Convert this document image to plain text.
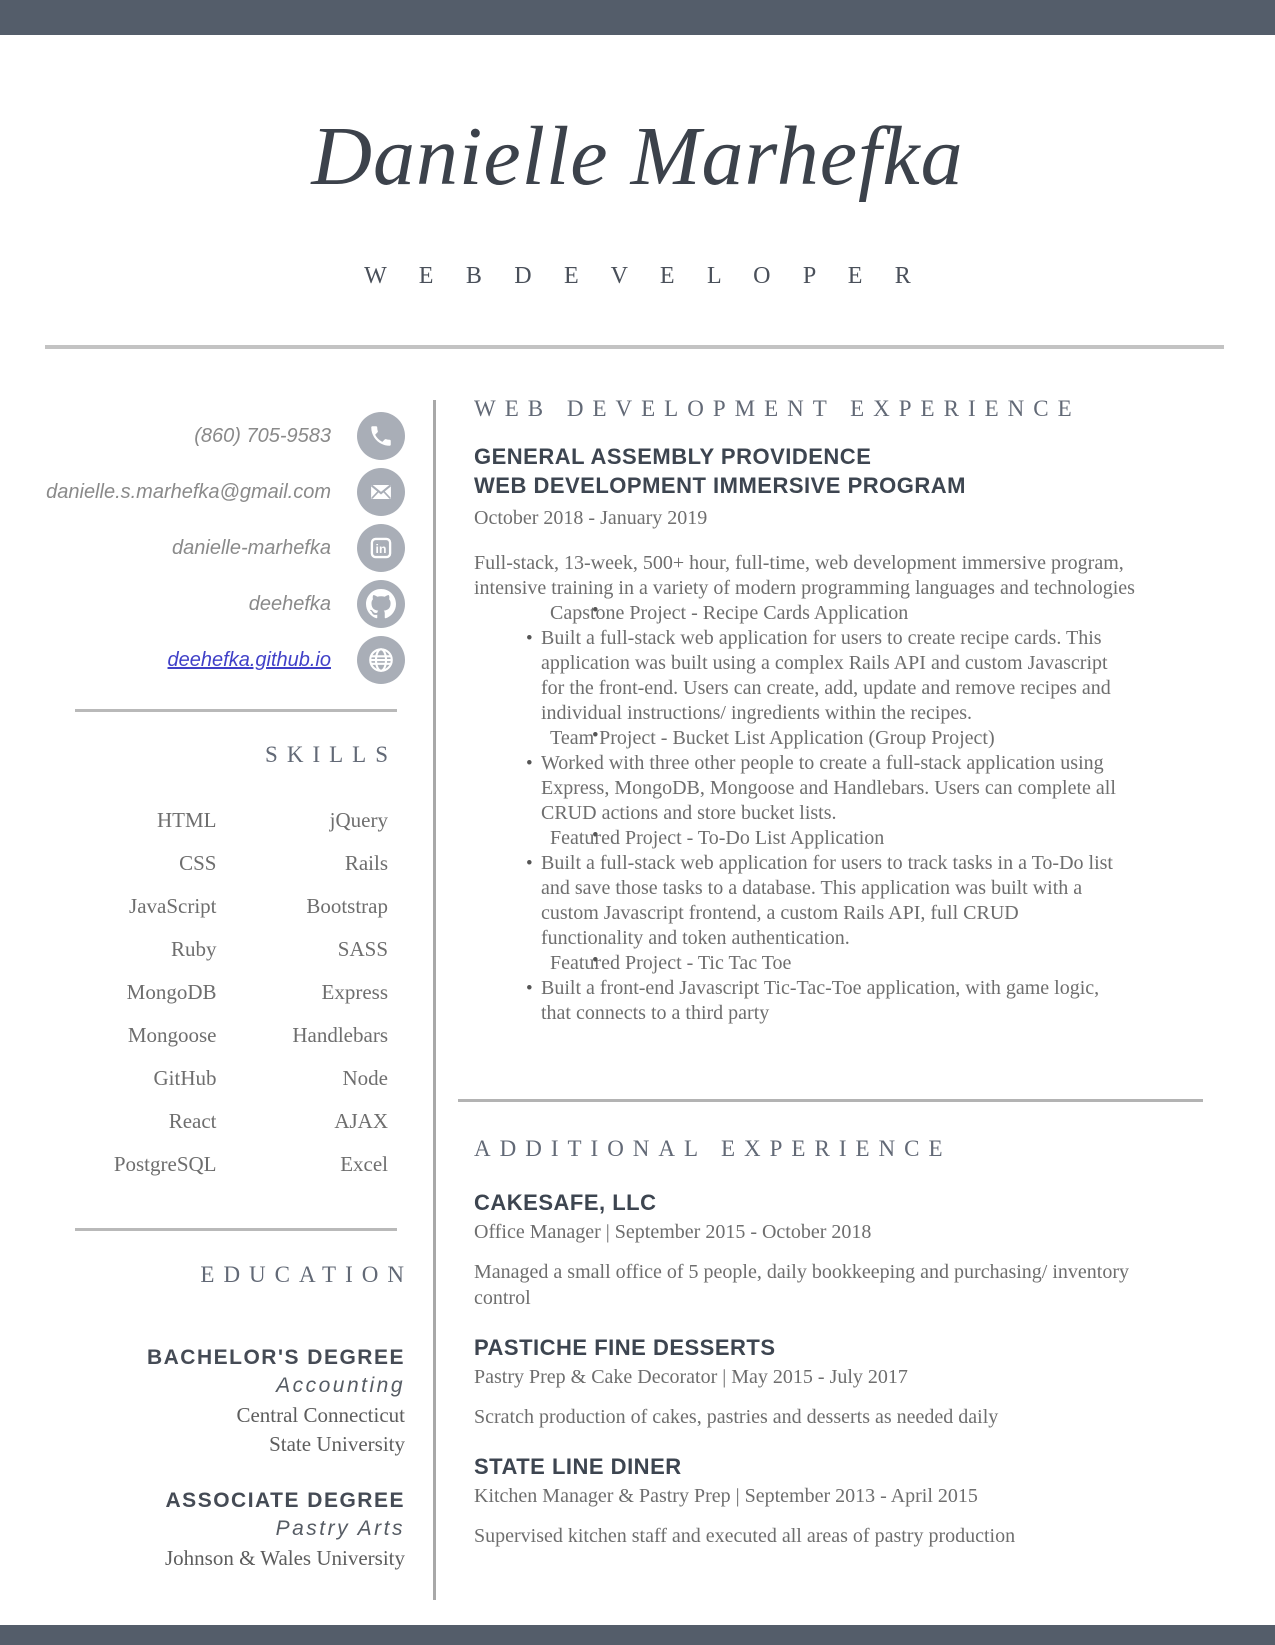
Danielle Marhefka
W E B D E V E L O P E R
(860) 705-9583
danielle.s.marhefka@gmail.com
danielle-marhefka	in
deehefka
deehefka.github.io
SKILLS
HTML	jQuery
CSS	Rails
JavaScript	Bootstrap
Ruby	SASS
MongoDB	Express
Mongoose	Handlebars
GitHub	Node
React	AJAX
PostgreSQL	Excel
EDUCATION
BACHELOR'S DEGREE
Accounting
Central Connecticut
State University
ASSOCIATE DEGREE
Pastry Arts
Johnson & Wales University
WEB DEVELOPMENT EXPERIENCE
GENERAL ASSEMBLY PROVIDENCE
WEB DEVELOPMENT IMMERSIVE PROGRAM
October 2018 - January 2019
Full-stack, 13-week, 500+ hour, full-time, web development immersive program, intensive training in a variety of modern programming languages and technologies
• Capstone Project - Recipe Cards Application
• Built a full-stack web application for users to create recipe cards. This application was built using a complex Rails API and custom Javascript for the front-end. Users can create, add, update and remove recipes and individual instructions/ ingredients within the recipes.
• Team Project - Bucket List Application (Group Project)
• Worked with three other people to create a full-stack application using Express, MongoDB, Mongoose and Handlebars. Users can complete all CRUD actions and store bucket lists.
• Featured Project - To-Do List Application
• Built a full-stack web application for users to track tasks in a To-Do list and save those tasks to a database. This application was built with a custom Javascript frontend, a custom Rails API, full CRUD functionality and token authentication.
• Featured Project - Tic Tac Toe
• Built a front-end Javascript Tic-Tac-Toe application, with game logic, that connects to a third party
ADDITIONAL EXPERIENCE
CAKESAFE, LLC
Office Manager | September 2015 - October 2018
Managed a small office of 5 people, daily bookkeeping and purchasing/ inventory control
PASTICHE FINE DESSERTS
Pastry Prep & Cake Decorator | May 2015 - July 2017
Scratch production of cakes, pastries and desserts as needed daily
STATE LINE DINER
Kitchen Manager & Pastry Prep | September 2013 - April 2015
Supervised kitchen staff and executed all areas of pastry production
